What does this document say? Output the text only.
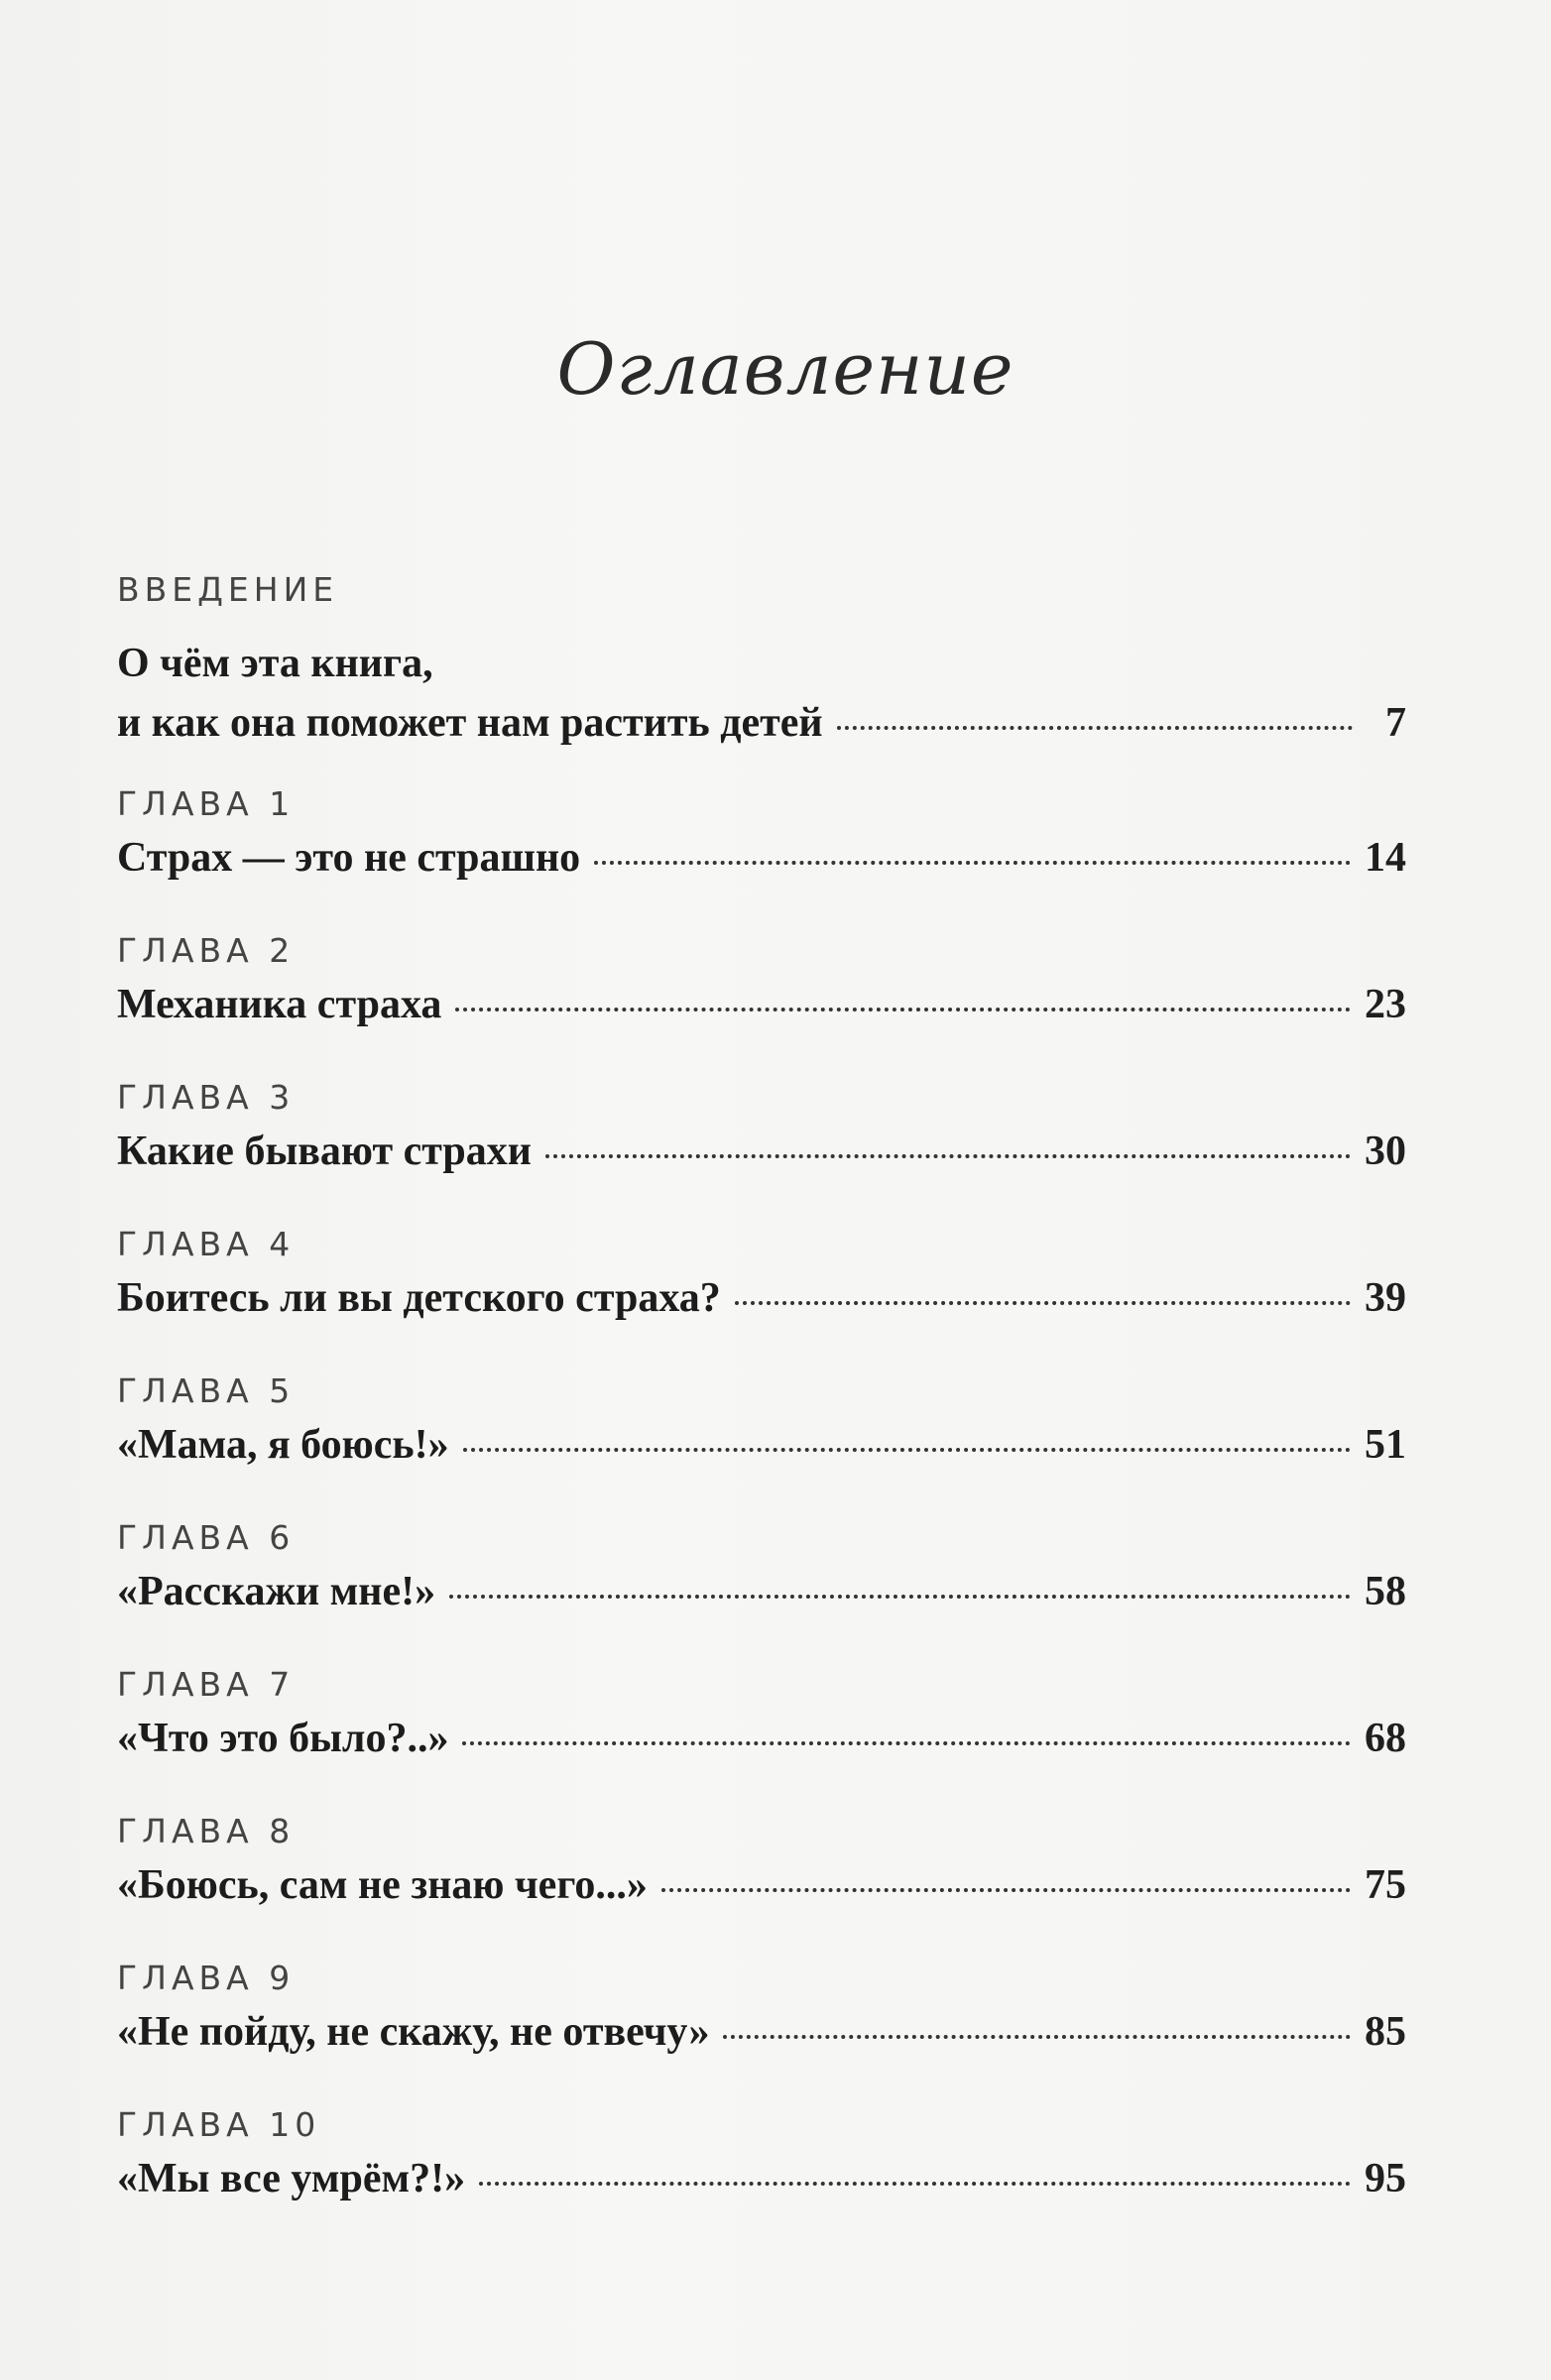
Оглавление
ВВЕДЕНИЕ
О чём эта книга,
и как она поможет нам растить детей	7
ГЛАВА 1
Страх — это не страшно	14
ГЛАВА 2
Механика страха	23
ГЛАВА 3
Какие бывают страхи	30
ГЛАВА 4
Боитесь ли вы детского страха?	39
ГЛАВА 5
«Мама, я боюсь!»	51
ГЛАВА 6
«Расскажи мне!»	58
ГЛАВА 7
«Что это было?..»	68
ГЛАВА 8
«Боюсь, сам не знаю чего...»	75
ГЛАВА 9
«Не пойду, не скажу, не отвечу»	85
ГЛАВА 10
«Мы все умрём?!»	95
